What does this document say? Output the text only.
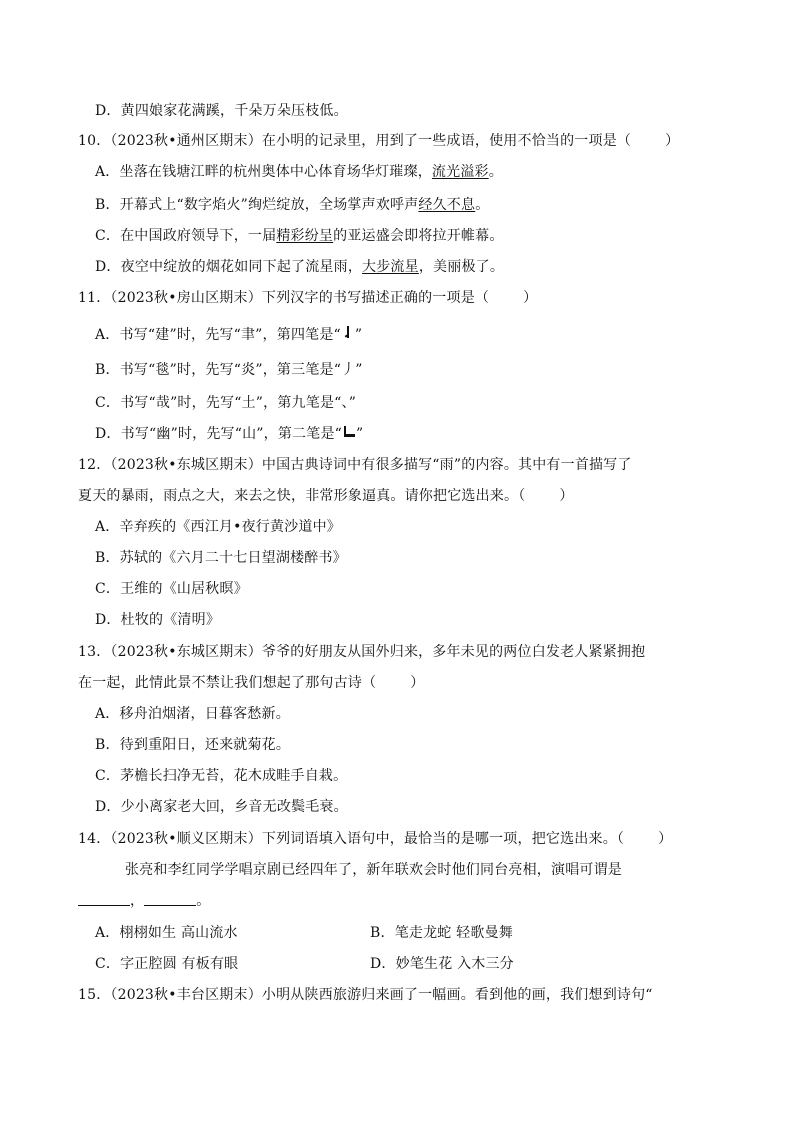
D．黄四娘家花满蹊，千朵万朵压枝低。
10．（2023秋•通州区期末）在小明的记录里，用到了一些成语，使用不恰当的一项是（ ）
A．坐落在钱塘江畔的杭州奥体中心体育场华灯璀璨，流光溢彩。
B．开幕式上“数字焰火”绚烂绽放，全场掌声欢呼声经久不息。
C．在中国政府领导下，一届精彩纷呈的亚运盛会即将拉开帷幕。
D．夜空中绽放的烟花如同下起了流星雨，大步流星，美丽极了。
11．（2023秋•房山区期末）下列汉字的书写描述正确的一项是（ ）
A．书写“建”时，先写“聿”，第四笔是“ ”
B．书写“毯”时，先写“炎”，第三笔是“丿”
C．书写“哉”时，先写“土”，第九笔是“、”
D．书写“幽”时，先写“山”，第二笔是“ ”
12．（2023秋•东城区期末）中国古典诗词中有很多描写“雨”的内容。其中有一首描写了
夏天的暴雨，雨点之大，来去之快，非常形象逼真。请你把它选出来。（ ）
A．辛弃疾的《西江月•夜行黄沙道中》
B．苏轼的《六月二十七日望湖楼醉书》
C．王维的《山居秋暝》
D．杜牧的《清明》
13．（2023秋•东城区期末）爷爷的好朋友从国外归来，多年未见的两位白发老人紧紧拥抱
在一起，此情此景不禁让我们想起了那句古诗（ ）
A．移舟泊烟渚，日暮客愁新。
B．待到重阳日，还来就菊花。
C．茅檐长扫净无苔，花木成畦手自栽。
D．少小离家老大回，乡音无改鬓毛衰。
14．（2023秋•顺义区期末）下列词语填入语句中，最恰当的是哪一项，把它选出来。（ ）
张亮和李红同学学唱京剧已经四年了，新年联欢会时他们同台亮相，演唱可谓是
，	。
A．栩栩如生 高山流水	B．笔走龙蛇 轻歌曼舞
C．字正腔圆 有板有眼	D．妙笔生花 入木三分
15．（2023秋•丰台区期末）小明从陕西旅游归来画了一幅画。看到他的画，我们想到诗句“
